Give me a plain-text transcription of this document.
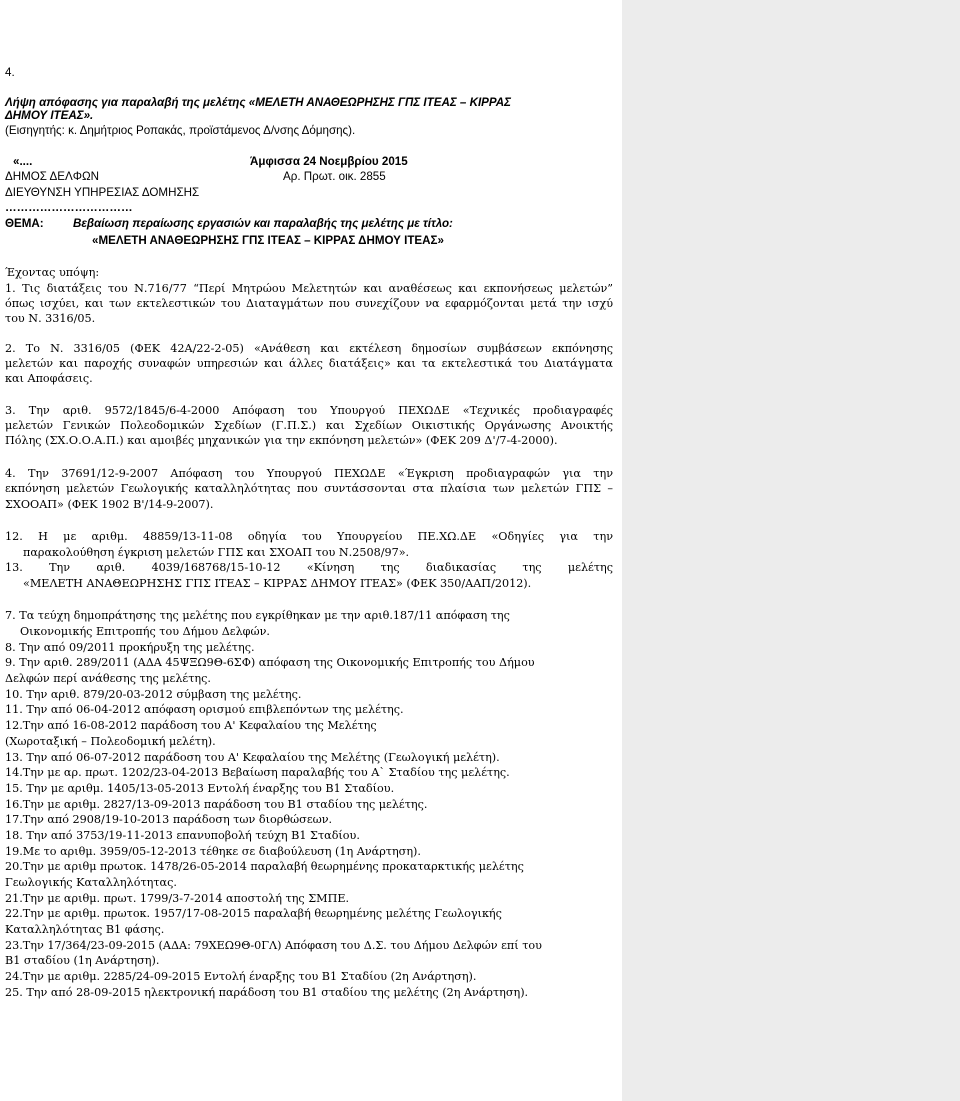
4.
Λήψη απόφασης για παραλαβή της μελέτης «ΜΕΛΕΤΗ ΑΝΑΘΕΩΡΗΣΗΣ ΓΠΣ ΙΤΕΑΣ – ΚΙΡΡΑΣ
ΔΗΜΟΥ ΙΤΕΑΣ».
(Εισηγητής: κ. Δημήτριος Ροπακάς, προϊστάμενος Δ/νσης Δόμησης).
«....	Άμφισσα 24 Νοεμβρίου 2015
ΔΗΜΟΣ ΔΕΛΦΩΝ	Αρ. Πρωτ. οικ. 2855
ΔΙΕΥΘΥΝΣΗ ΥΠΗΡΕΣΙΑΣ ΔΟΜΗΣΗΣ
……………………………
ΘΕΜΑ:	Βεβαίωση περαίωσης εργασιών και παραλαβής της μελέτης με τίτλο:
«ΜΕΛΕΤΗ ΑΝΑΘΕΩΡΗΣΗΣ ΓΠΣ ΙΤΕΑΣ – ΚΙΡΡΑΣ ΔΗΜΟΥ ΙΤΕΑΣ»
Έχοντας υπόψη:
1. Τις διατάξεις του Ν.716/77 “Περί Μητρώου Μελετητών και αναθέσεως και εκπονήσεως μελετών”
όπως ισχύει, και των εκτελεστικών του Διαταγμάτων που συνεχίζουν να εφαρμόζονται μετά την ισχύ
του Ν. 3316/05.
2. Το Ν. 3316/05 (ΦΕΚ 42Α/22-2-05) «Ανάθεση και εκτέλεση δημοσίων συμβάσεων εκπόνησης
μελετών και παροχής συναφών υπηρεσιών και άλλες διατάξεις» και τα εκτελεστικά του Διατάγματα
και Αποφάσεις.
3. Την αριθ. 9572/1845/6-4-2000 Απόφαση του Υπουργού ΠΕΧΩΔΕ «Τεχνικές προδιαγραφές
μελετών Γενικών Πολεοδομικών Σχεδίων (Γ.Π.Σ.) και Σχεδίων Οικιστικής Οργάνωσης Ανοικτής
Πόλης (ΣΧ.Ο.Ο.Α.Π.) και αμοιβές μηχανικών για την εκπόνηση μελετών» (ΦΕΚ 209 Δ'/7-4-2000).
4. Την 37691/12-9-2007 Απόφαση του Υπουργού ΠΕΧΩΔΕ «Έγκριση προδιαγραφών για την
εκπόνηση μελετών Γεωλογικής καταλληλότητας που συντάσσονται στα πλαίσια των μελετών ΓΠΣ –
ΣΧΟΟΑΠ» (ΦΕΚ 1902 Β'/14-9-2007).
12. Η με αριθμ. 48859/13-11-08 οδηγία του Υπουργείου ΠΕ.ΧΩ.ΔΕ «Οδηγίες για την
παρακολούθηση έγκριση μελετών ΓΠΣ και ΣΧΟΑΠ του Ν.2508/97».
13. Την αριθ. 4039/168768/15-10-12 «Κίνηση της διαδικασίας της μελέτης
«ΜΕΛΕΤΗ ΑΝΑΘΕΩΡΗΣΗΣ ΓΠΣ ΙΤΕΑΣ – ΚΙΡΡΑΣ ΔΗΜΟΥ ΙΤΕΑΣ» (ΦΕΚ 350/ΑΑΠ/2012).
7. Τα τεύχη δημοπράτησης της μελέτης που εγκρίθηκαν με την αριθ.187/11 απόφαση της
Οικονομικής Επιτροπής του Δήμου Δελφών.
8. Την από 09/2011 προκήρυξη της μελέτης.
9. Την αριθ. 289/2011 (ΑΔΑ 45ΨΞΩ9Θ-6ΣΦ) απόφαση της Οικονομικής Επιτροπής του Δήμου
Δελφών περί ανάθεσης της μελέτης.
10. Την αριθ. 879/20-03-2012 σύμβαση της μελέτης.
11. Την από 06-04-2012 απόφαση ορισμού επιβλεπόντων της μελέτης.
12.Την από 16-08-2012 παράδοση του Α' Κεφαλαίου της Μελέτης
(Χωροταξική – Πολεοδομική μελέτη).
13. Την από 06-07-2012 παράδοση του Α' Κεφαλαίου της Μελέτης (Γεωλογική μελέτη).
14.Την με αρ. πρωτ. 1202/23-04-2013 Βεβαίωση παραλαβής του Α` Σταδίου της μελέτης.
15. Την με αριθμ. 1405/13-05-2013 Εντολή έναρξης του Β1 Σταδίου.
16.Την με αριθμ. 2827/13-09-2013 παράδοση του Β1 σταδίου της μελέτης.
17.Την από 2908/19-10-2013 παράδοση των διορθώσεων.
18. Την από 3753/19-11-2013 επανυποβολή τεύχη Β1 Σταδίου.
19.Με το αριθμ. 3959/05-12-2013 τέθηκε σε διαβούλευση (1η Ανάρτηση).
20.Την με αριθμ πρωτοκ. 1478/26-05-2014 παραλαβή θεωρημένης προκαταρκτικής μελέτης
Γεωλογικής Καταλληλότητας.
21.Την με αριθμ. πρωτ. 1799/3-7-2014 αποστολή της ΣΜΠΕ.
22.Την με αριθμ. πρωτοκ. 1957/17-08-2015 παραλαβή θεωρημένης μελέτης Γεωλογικής
Καταλληλότητας Β1 φάσης.
23.Την 17/364/23-09-2015 (ΑΔΑ: 79ΧΕΩ9Θ-0ΓΛ) Απόφαση του Δ.Σ. του Δήμου Δελφών επί του
Β1 σταδίου (1η Ανάρτηση).
24.Την με αριθμ. 2285/24-09-2015 Εντολή έναρξης του Β1 Σταδίου (2η Ανάρτηση).
25. Την από 28-09-2015 ηλεκτρονική παράδοση του Β1 σταδίου της μελέτης (2η Ανάρτηση).
